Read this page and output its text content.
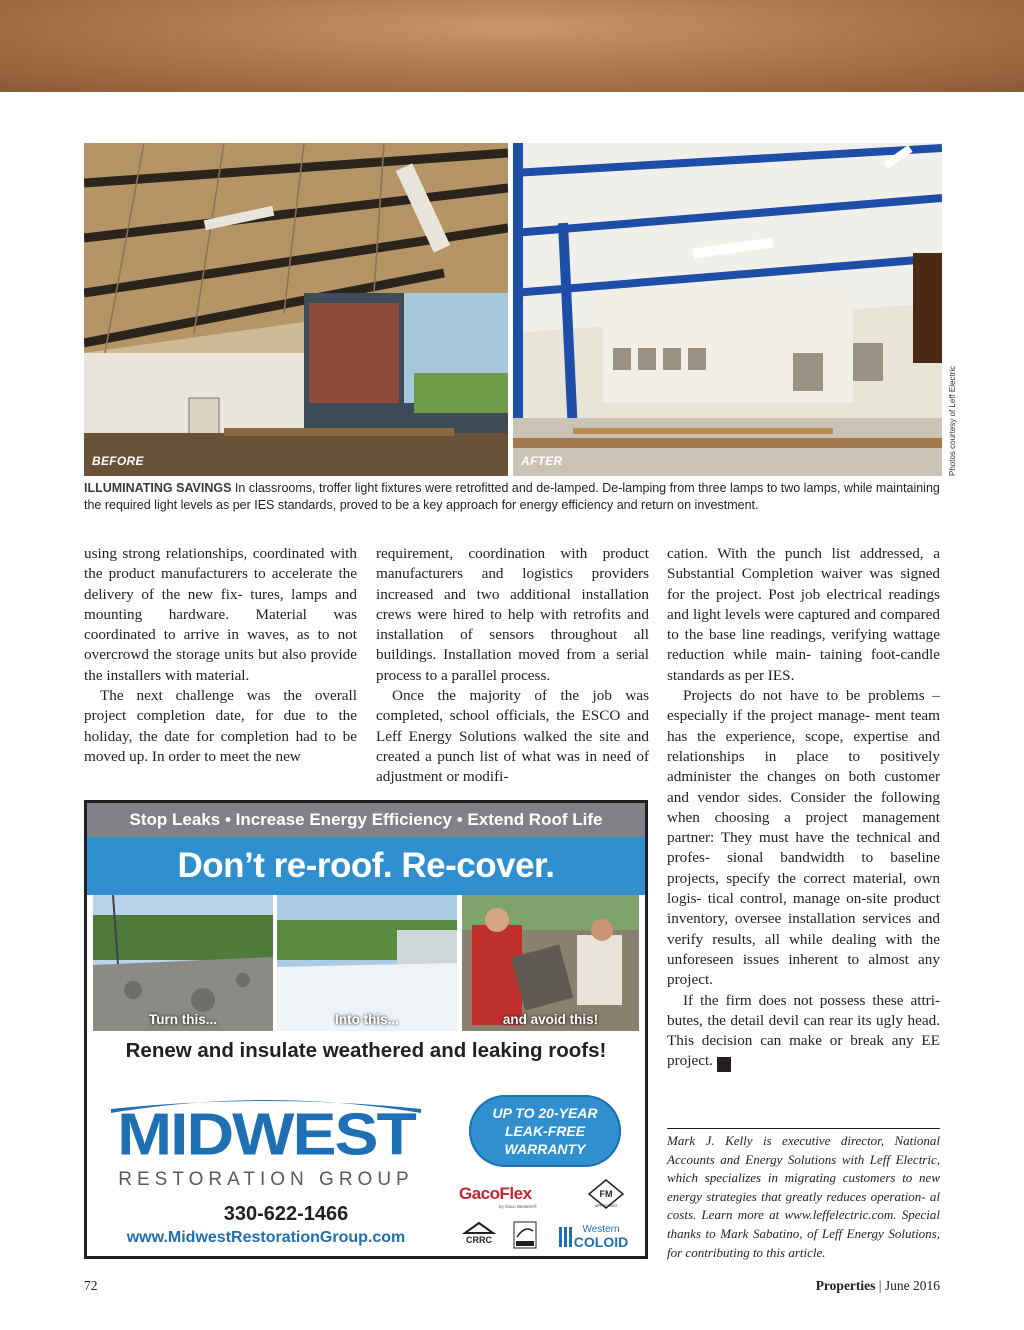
BEFORE	AFTER	Photos courtesy of Leff Electric
ILLUMINATING SAVINGS In classrooms, troffer light fixtures were retrofitted and de-lamped. De-lamping from three lamps to two lamps, while maintaining the required light levels as per IES standards, proved to be a key approach for energy efficiency and return on investment.

using strong relationships, coordinated with the product manufacturers to accelerate the delivery of the new fix- tures, lamps and mounting hardware. Material was coordinated to arrive in waves, as to not overcrowd the storage units but also provide the installers with material.

The next challenge was the overall project completion date, for due to the holiday, the date for completion had to be moved up. In order to meet the new

requirement, coordination with product manufacturers and logistics providers increased and two additional installation crews were hired to help with retrofits and installation of sensors throughout all buildings. Installation moved from a serial process to a parallel process.

Once the majority of the job was completed, school officials, the ESCO and Leff Energy Solutions walked the site and created a punch list of what was in need of adjustment or modifi-

cation. With the punch list addressed, a Substantial Completion waiver was signed for the project. Post job electrical readings and light levels were captured and compared to the base line readings, verifying wattage reduction while main- taining foot-candle standards as per IES.

Projects do not have to be problems – especially if the project manage- ment team has the experience, scope, expertise and relationships in place to positively administer the changes on both customer and vendor sides. Consider the following when choosing a project management partner: They must have the technical and profes- sional bandwidth to baseline projects, specify the correct material, own logis- tical control, manage on-site product inventory, oversee installation services and verify results, all while dealing with the unforeseen issues inherent to almost any project.

If the firm does not possess these attri- butes, the detail devil can rear its ugly head. This decision can make or break any EE project. P

Mark J. Kelly is executive director, National Accounts and Energy Solutions with Leff Electric, which specializes in migrating customers to new energy strategies that greatly reduces operation- al costs. Learn more at www.leffelectric.com. Special thanks to Mark Sabatino, of Leff Energy Solutions, for contributing to this article.
Stop Leaks • Increase Energy Efficiency • Extend Roof Life
Don’t re-roof. Re-cover.
Turn this...	Into this...	and avoid this!
Renew and insulate weathered and leaking roofs!
MIDWEST
RESTORATION GROUP
330-622-1466
www.MidwestRestorationGroup.com
UP TO 20-YEAR
LEAK-FREE
WARRANTY
GacoFlex
by Gaco Western®
FM
APPROVED
CRRC
Western
COLOID
72	Properties | June 2016
